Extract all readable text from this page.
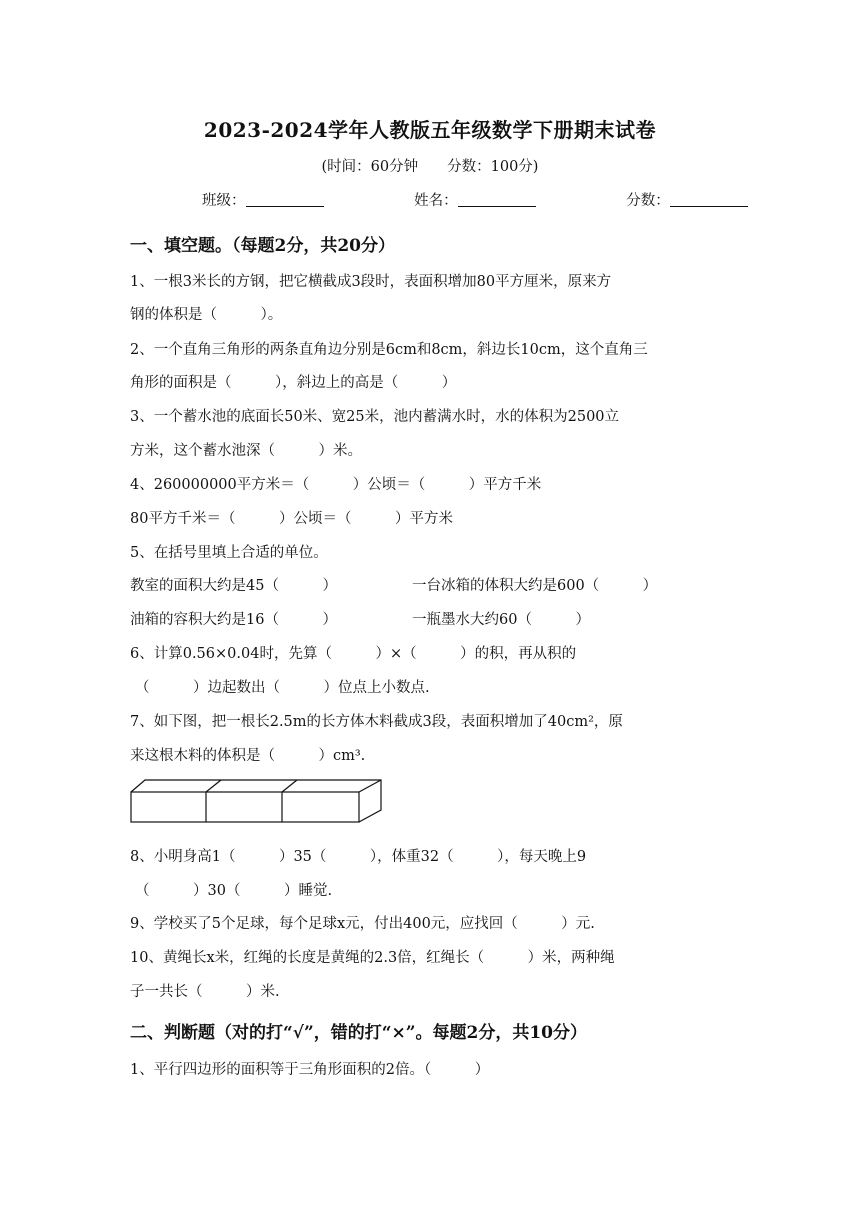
2023-2024学年人教版五年级数学下册期末试卷
(时间：60分钟　　分数：100分)
班级：	姓名：	分数：
一、填空题。（每题2分，共20分）
1、一根3米长的方钢，把它横截成3段时，表面积增加80平方厘米，原来方
钢的体积是（　　　）。
2、一个直角三角形的两条直角边分别是6cm和8cm，斜边长10cm，这个直角三
角形的面积是（　　　），斜边上的高是（　　　）
3、一个蓄水池的底面长50米、宽25米，池内蓄满水时，水的体积为2500立
方米，这个蓄水池深（　　　）米。
4、260000000平方米＝（　　　）公顷＝（　　　）平方千米
80平方千米＝（　　　）公顷＝（　　　）平方米
5、在括号里填上合适的单位。
教室的面积大约是45（　　　）	一台冰箱的体积大约是600（　　　）
油箱的容积大约是16（　　　）	一瓶墨水大约60（　　　）
6、计算0.56×0.04时，先算（　　　）×（　　　）的积，再从积的
（　　　）边起数出（　　　）位点上小数点.
7、如下图，把一根长2.5m的长方体木料截成3段，表面积增加了40cm²，原
来这根木料的体积是（　　　）cm³.
8、小明身高1（　　　）35（　　　），体重32（　　　），每天晚上9
（　　　）30（　　　）睡觉.
9、学校买了5个足球，每个足球x元，付出400元，应找回（　　　）元.
10、黄绳长x米，红绳的长度是黄绳的2.3倍，红绳长（　　　）米，两种绳
子一共长（　　　）米.
二、判断题（对的打“√”，错的打“×”。每题2分，共10分）
1、平行四边形的面积等于三角形面积的2倍。（　　　）
